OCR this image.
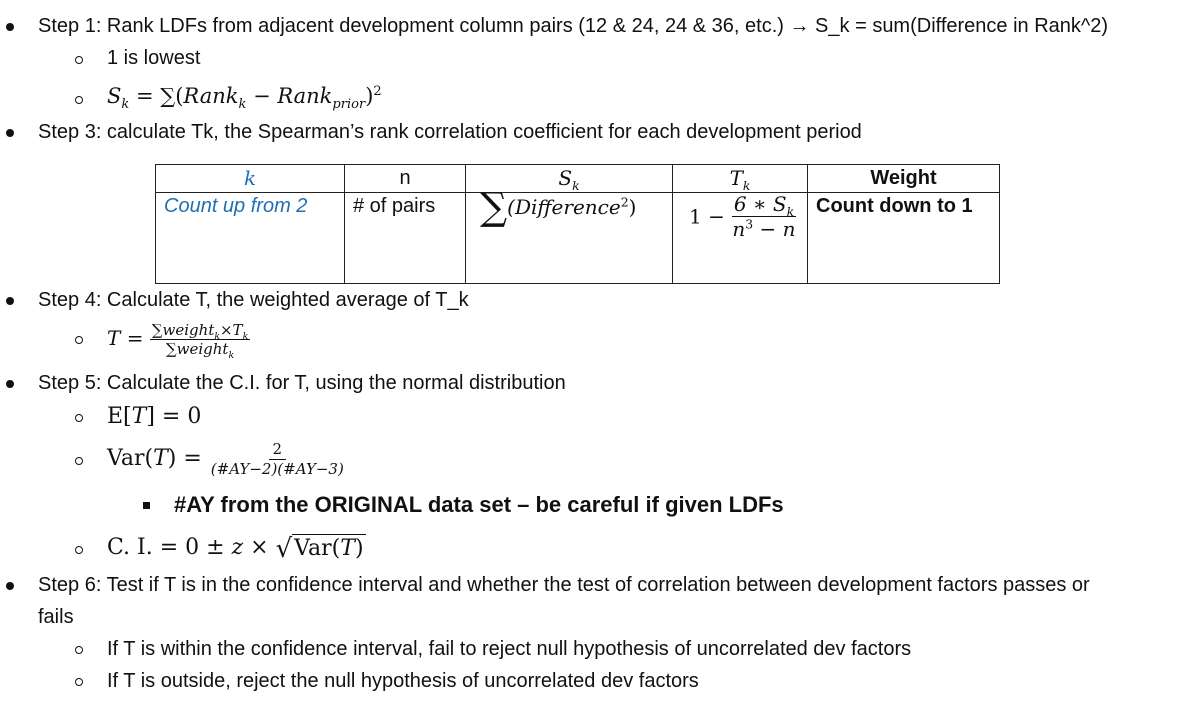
Step 1: Rank LDFs from adjacent development column pairs (12 & 24, 24 & 36, etc.) → S_k = sum(Difference in Rank^2)
1 is lowest
$S_k$ = ∑(Rank$_k$ − Rank$_{prior}$)$^2$
Step 3: calculate Tk, the Spearman’s rank correlation coefficient for each development period
k	n	$S_k$	$T_k$	Weight
Count up from 2	# of pairs	∑(Difference$^2$)	$1 - \frac{6 ∗ S_k}{n^3 - n}$	Count down to 1
Step 4: Calculate T, the weighted average of T_k
$T = \frac{\sum weight_k\times T_k}{\sum weight_k}$
Step 5: Calculate the C.I. for T, using the normal distribution
E[T] = 0
$Var(T) = \frac{2}{(\#AY-2)(\#AY-3)}$
#AY from the ORIGINAL data set – be careful if given LDFs
C. I. = 0 ± z × √ Var(T)
Step 6: Test if T is in the confidence interval and whether the test of correlation between development factors passes or
fails
If T is within the confidence interval, fail to reject null hypothesis of uncorrelated dev factors
If T is outside, reject the null hypothesis of uncorrelated dev factors
